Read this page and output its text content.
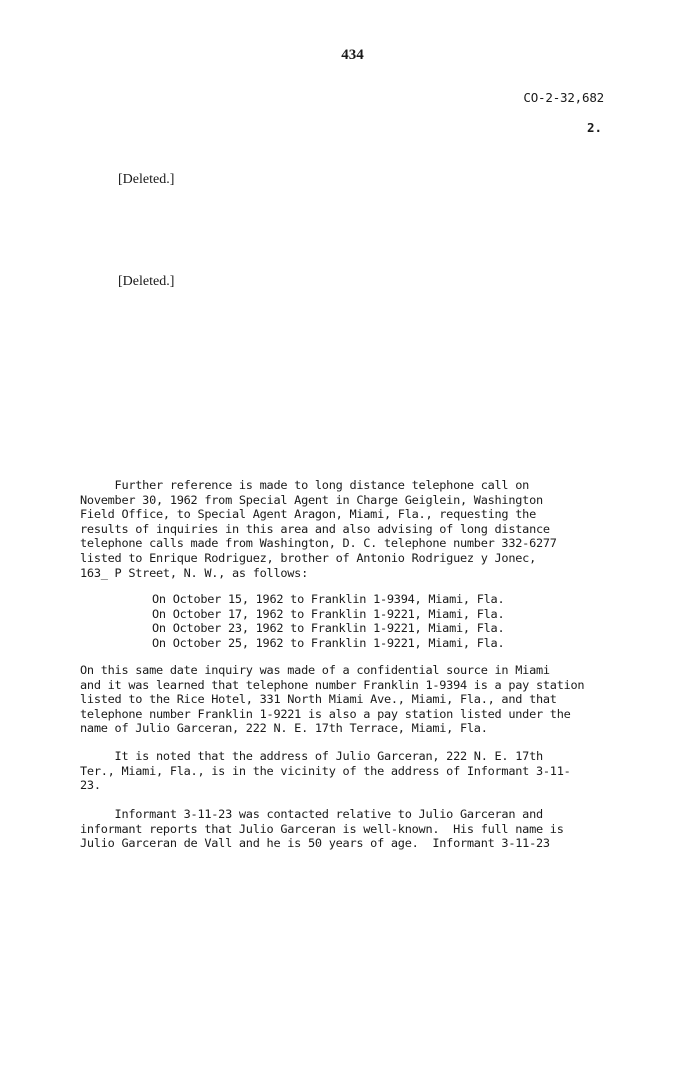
434
CO-2-32,682
2.
[Deleted.]
[Deleted.]
Further reference is made to long distance telephone call on
November 30, 1962 from Special Agent in Charge Geiglein, Washington
Field Office, to Special Agent Aragon, Miami, Fla., requesting the
results of inquiries in this area and also advising of long distance
telephone calls made from Washington, D. C. telephone number 332-6277
listed to Enrique Rodriguez, brother of Antonio Rodriguez y Jonec,
163_ P Street, N. W., as follows:
On October 15, 1962 to Franklin 1-9394, Miami, Fla.
On October 17, 1962 to Franklin 1-9221, Miami, Fla.
On October 23, 1962 to Franklin 1-9221, Miami, Fla.
On October 25, 1962 to Franklin 1-9221, Miami, Fla.
On this same date inquiry was made of a confidential source in Miami
and it was learned that telephone number Franklin 1-9394 is a pay station
listed to the Rice Hotel, 331 North Miami Ave., Miami, Fla., and that
telephone number Franklin 1-9221 is also a pay station listed under the
name of Julio Garceran, 222 N. E. 17th Terrace, Miami, Fla.
It is noted that the address of Julio Garceran, 222 N. E. 17th
Ter., Miami, Fla., is in the vicinity of the address of Informant 3-11-
23.
Informant 3-11-23 was contacted relative to Julio Garceran and
informant reports that Julio Garceran is well-known.  His full name is
Julio Garceran de Vall and he is 50 years of age.  Informant 3-11-23
